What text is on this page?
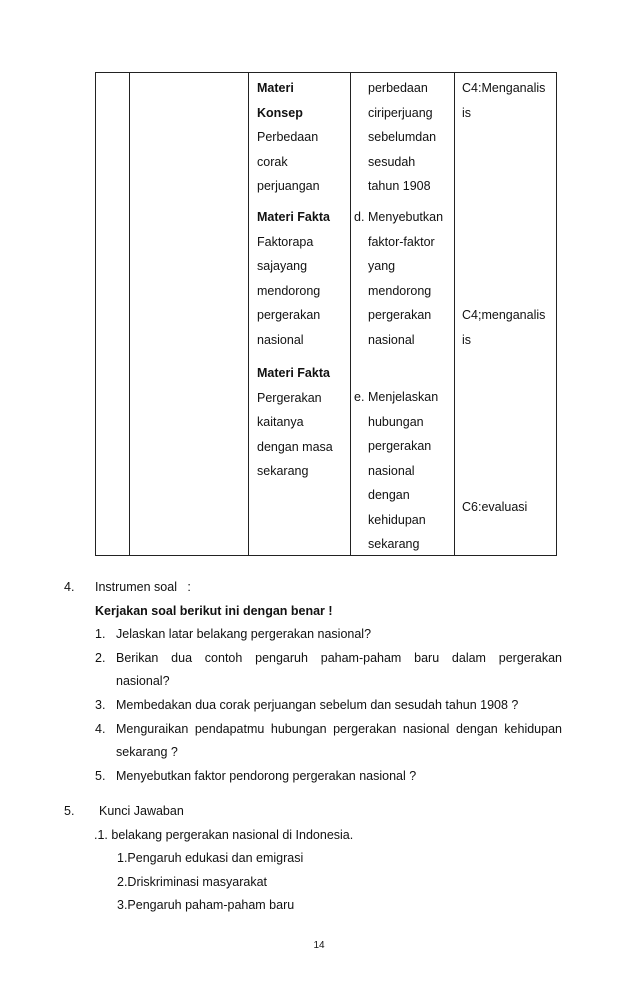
Materi
Konsep
Perbedaan
corak
perjuangan
Materi Fakta
Faktorapa
sajayang
mendorong
pergerakan
nasional
Materi Fakta
Pergerakan
kaitanya
dengan masa
sekarang
perbedaan
ciriperjuang
sebelumdan
sesudah
tahun 1908
d. Menyebutkan
faktor-faktor
yang
mendorong
pergerakan
nasional
e. Menjelaskan
hubungan
pergerakan
nasional
dengan
kehidupan
sekarang
C4:Menganalis
is
C4;menganalis
is
C6:evaluasi
4. Instrumen soal   :
Kerjakan soal berikut ini dengan benar !
1. Jelaskan latar belakang pergerakan nasional?
2. Berikan dua contoh pengaruh paham-paham baru dalam pergerakan
nasional?
3. Membedakan dua corak perjuangan sebelum dan sesudah tahun 1908 ?
4. Menguraikan pendapatmu hubungan pergerakan nasional dengan kehidupan
sekarang ?
5. Menyebutkan faktor pendorong pergerakan nasional ?
5. Kunci Jawaban
.1. belakang pergerakan nasional di Indonesia.
1.Pengaruh edukasi dan emigrasi
2.Driskriminasi masyarakat
3.Pengaruh paham-paham baru
14
